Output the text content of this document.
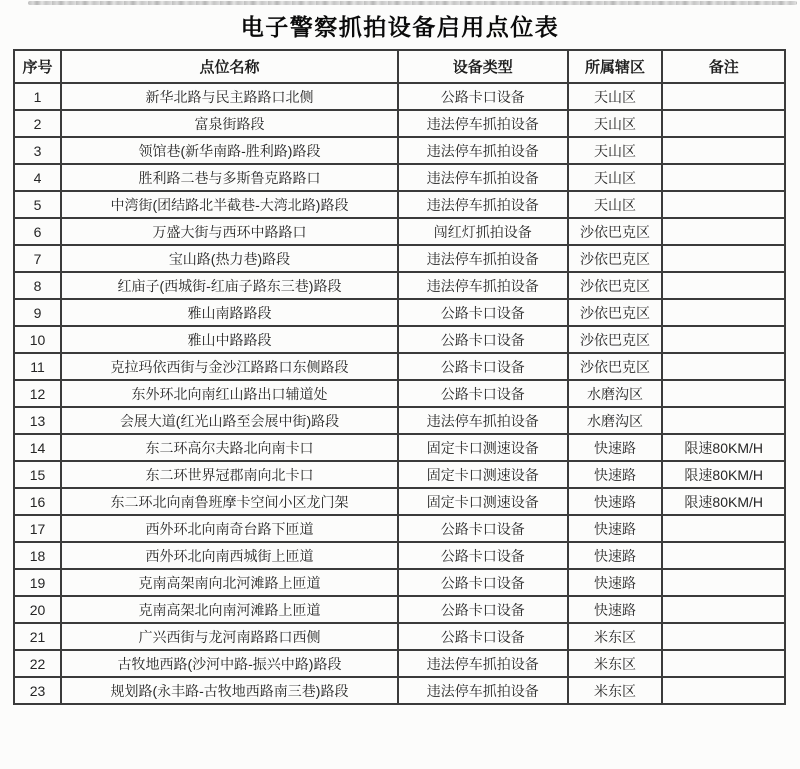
电子警察抓拍设备启用点位表
序号	点位名称	设备类型	所属辖区	备注
1	新华北路与民主路路口北侧	公路卡口设备	天山区	
2	富泉街路段	违法停车抓拍设备	天山区	
3	领馆巷(新华南路-胜利路)路段	违法停车抓拍设备	天山区	
4	胜利路二巷与多斯鲁克路路口	违法停车抓拍设备	天山区	
5	中湾街(团结路北半截巷-大湾北路)路段	违法停车抓拍设备	天山区	
6	万盛大街与西环中路路口	闯红灯抓拍设备	沙依巴克区	
7	宝山路(热力巷)路段	违法停车抓拍设备	沙依巴克区	
8	红庙子(西城街-红庙子路东三巷)路段	违法停车抓拍设备	沙依巴克区	
9	雅山南路路段	公路卡口设备	沙依巴克区	
10	雅山中路路段	公路卡口设备	沙依巴克区	
11	克拉玛依西街与金沙江路路口东侧路段	公路卡口设备	沙依巴克区	
12	东外环北向南红山路出口辅道处	公路卡口设备	水磨沟区	
13	会展大道(红光山路至会展中街)路段	违法停车抓拍设备	水磨沟区	
14	东二环高尔夫路北向南卡口	固定卡口测速设备	快速路	限速80KM/H
15	东二环世界冠郡南向北卡口	固定卡口测速设备	快速路	限速80KM/H
16	东二环北向南鲁班摩卡空间小区龙门架	固定卡口测速设备	快速路	限速80KM/H
17	西外环北向南奇台路下匝道	公路卡口设备	快速路	
18	西外环北向南西城街上匝道	公路卡口设备	快速路	
19	克南高架南向北河滩路上匝道	公路卡口设备	快速路	
20	克南高架北向南河滩路上匝道	公路卡口设备	快速路	
21	广兴西街与龙河南路路口西侧	公路卡口设备	米东区	
22	古牧地西路(沙河中路-振兴中路)路段	违法停车抓拍设备	米东区	
23	规划路(永丰路-古牧地西路南三巷)路段	违法停车抓拍设备	米东区	
